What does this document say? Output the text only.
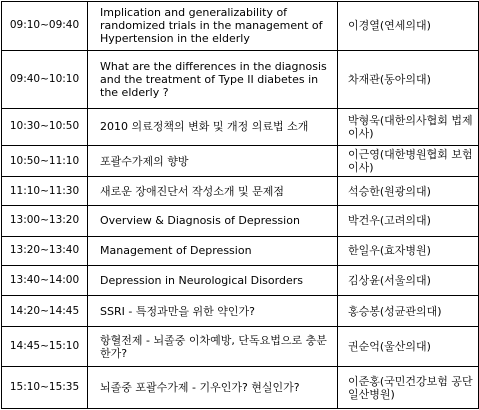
09:10~09:40	Implication and generalizability of randomized trials in the management of Hypertension in the elderly	이경열(연세의대)
09:40~10:10	What are the differences in the diagnosis and the treatment of Type II diabetes in the elderly ?	차재관(동아의대)
10:30~10:50	2010 의료정책의 변화 및 개정 의료법 소개	박형욱(대한의사협회 법제이사)
10:50~11:10	포괄수가제의 향방	이근영(대한병원협회 보험이사)
11:10~11:30	새로운 장애진단서 작성소개 및 문제점	석승한(원광의대)
13:00~13:20	Overview & Diagnosis of Depression	박건우(고려의대)
13:20~13:40	Management of Depression	한일우(효자병원)
13:40~14:00	Depression in Neurological Disorders	김상윤(서울의대)
14:20~14:45	SSRI - 특정과만을 위한 약인가?	홍승봉(성균관의대)
14:45~15:10	항혈전제 - 뇌졸중 이차예방, 단독요법으로 충분한가?	권순억(울산의대)
15:10~15:35	뇌졸중 포괄수가제 - 기우인가? 현실인가?	이준홍(국민건강보험 공단 일산병원)
